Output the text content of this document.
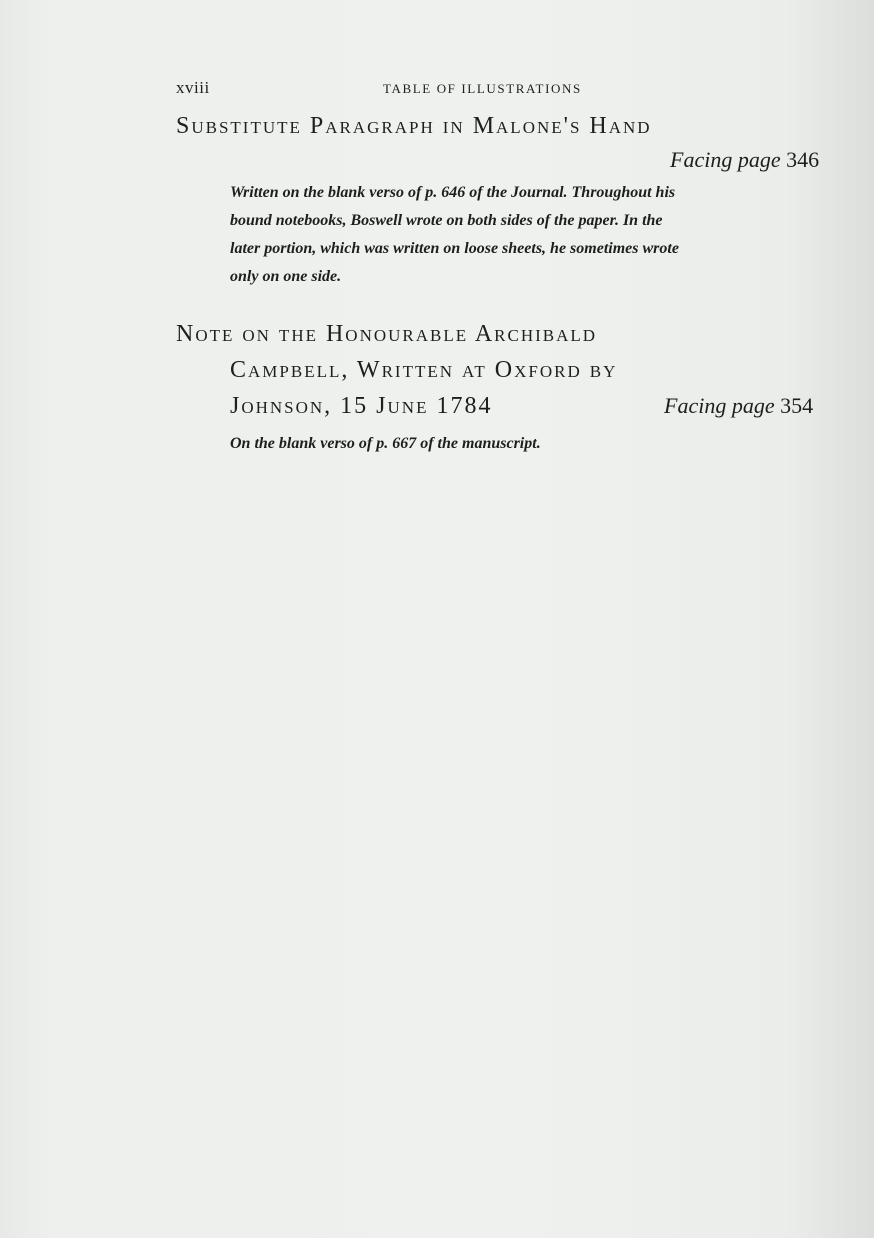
xviii	TABLE OF ILLUSTRATIONS
Substitute Paragraph in Malone's Hand
Facing page 346
Written on the blank verso of p. 646 of the Journal. Throughout his
bound notebooks, Boswell wrote on both sides of the paper. In the
later portion, which was written on loose sheets, he sometimes wrote
only on one side.
Note on the Honourable Archibald
Campbell, Written at Oxford by
Johnson, 15 June 1784	Facing page 354
On the blank verso of p. 667 of the manuscript.
